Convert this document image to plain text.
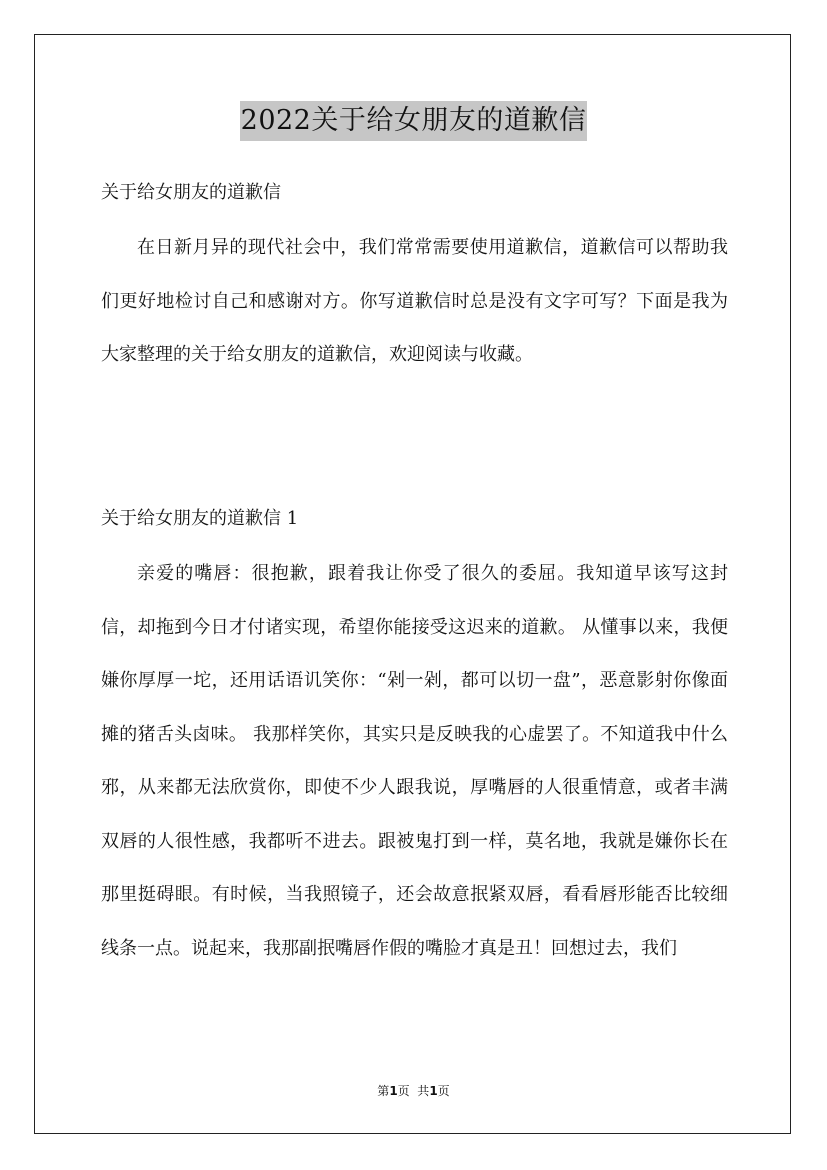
2022关于给女朋友的道歉信
关于给女朋友的道歉信

在日新月异的现代社会中，我们常常需要使用道歉信，道歉信可以帮助我们更好地检讨自己和感谢对方。你写道歉信时总是没有文字可写？下面是我为大家整理的关于给女朋友的道歉信，欢迎阅读与收藏。

关于给女朋友的道歉信 1

亲爱的嘴唇：很抱歉，跟着我让你受了很久的委屈。我知道早该写这封信，却拖到今日才付诸实现，希望你能接受这迟来的道歉。 从懂事以来，我便嫌你厚厚一坨，还用话语讥笑你：“剁一剁，都可以切一盘”，恶意影射你像面摊的猪舌头卤味。 我那样笑你，其实只是反映我的心虚罢了。不知道我中什么邪，从来都无法欣赏你，即使不少人跟我说，厚嘴唇的人很重情意，或者丰满双唇的人很性感，我都听不进去。跟被鬼打到一样，莫名地，我就是嫌你长在那里挺碍眼。有时候，当我照镜子，还会故意抿紧双唇，看看唇形能否比较细线条一点。说起来，我那副抿嘴唇作假的嘴脸才真是丑！回想过去，我们

第1页  共1页
